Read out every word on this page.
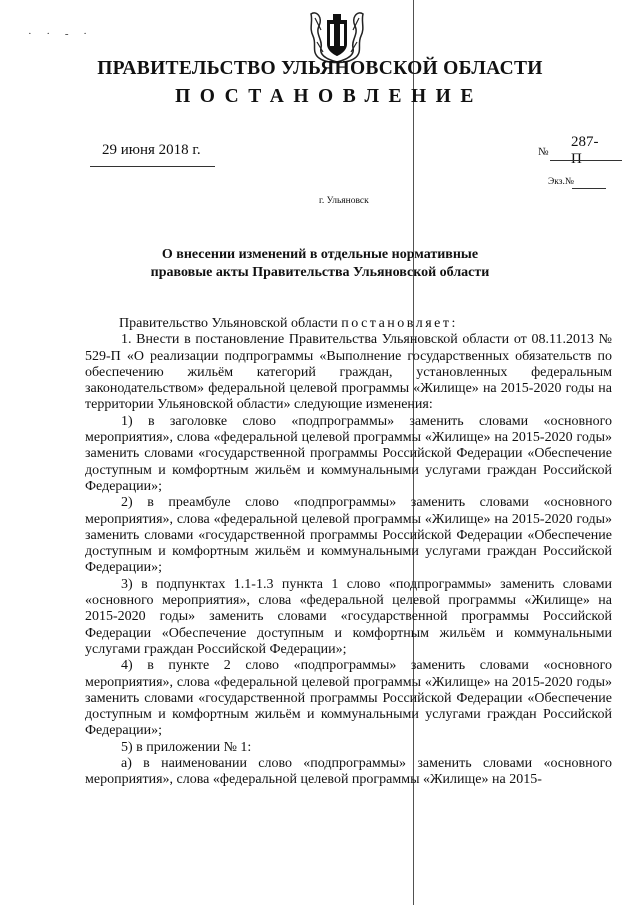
· · - ·
ПРАВИТЕЛЬСТВО УЛЬЯНОВСКОЙ ОБЛАСТИ
ПОСТАНОВЛЕНИЕ
29 июня 2018 г.	№
287-П
Экз.№
г. Ульяновск
О внесении изменений в отдельные нормативные
правовые акты Правительства Ульяновской области

Правительство Ульяновской области постановляет:

1. Внести в постановление Правительства Ульяновской области от 08.11.2013 № 529-П «О реализации подпрограммы «Выполнение государственных обязательств по обеспечению жильём категорий граждан, установленных федеральным законодательством» федеральной целевой программы «Жилище» на 2015-2020 годы на территории Ульяновской области» следующие изменения:

1) в заголовке слово «подпрограммы» заменить словами «основного мероприятия», слова «федеральной целевой программы «Жилище» на 2015-2020 годы» заменить словами «государственной программы Российской Федерации «Обеспечение доступным и комфортным жильём и коммунальными услугами граждан Российской Федерации»;

2) в преамбуле слово «подпрограммы» заменить словами «основного мероприятия», слова «федеральной целевой программы «Жилище» на 2015-2020 годы» заменить словами «государственной программы Российской Федерации «Обеспечение доступным и комфортным жильём и коммунальными услугами граждан Российской Федерации»;

3) в подпунктах 1.1-1.3 пункта 1 слово «подпрограммы» заменить словами «основного мероприятия», слова «федеральной целевой программы «Жилище» на 2015-2020 годы» заменить словами «государственной программы Российской Федерации «Обеспечение доступным и комфортным жильём и коммунальными услугами граждан Российской Федерации»;

4) в пункте 2 слово «подпрограммы» заменить словами «основного мероприятия», слова «федеральной целевой программы «Жилище» на 2015-2020 годы» заменить словами «государственной программы Российской Федерации «Обеспечение доступным и комфортным жильём и коммунальными услугами граждан Российской Федерации»;

5) в приложении № 1:

а) в наименовании слово «подпрограммы» заменить словами «основного мероприятия», слова «федеральной целевой программы «Жилище» на 2015-
